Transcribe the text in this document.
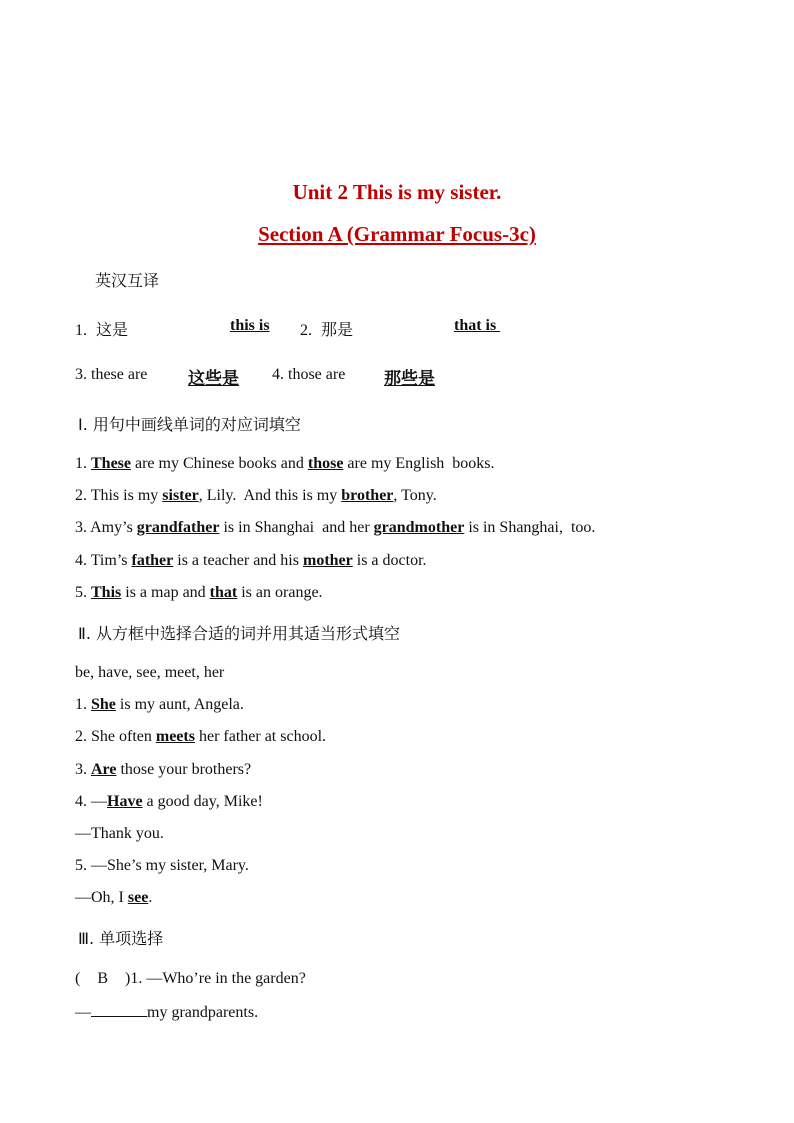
Unit 2 This is my sister.
Section A (Grammar Focus-3c)
英汉互译
1. 这是	this is 2. 那是	that is
3. these are 这些是 4. those are 那些是
Ⅰ. 用句中画线单词的对应词填空
1. These are my Chinese books and those are my English  books.
2. This is my sister, Lily.  And this is my brother, Tony.
3. Amy’s grandfather is in Shanghai  and her grandmother is in Shanghai,  too.
4. Tim’s father is a teacher and his mother is a doctor.
5. This is a map and that is an orange.
Ⅱ. 从方框中选择合适的词并用其适当形式填空
be, have, see, meet, her
1. She is my aunt, Angela.
2. She often meets her father at school.
3. Are those your brothers?
4. —Have a good day, Mike!
—Thank you.
5. —She’s my sister, Mary.
—Oh, I see.
Ⅲ. 单项选择
( B )1. —Who’re in the garden?
—	my grandparents.
